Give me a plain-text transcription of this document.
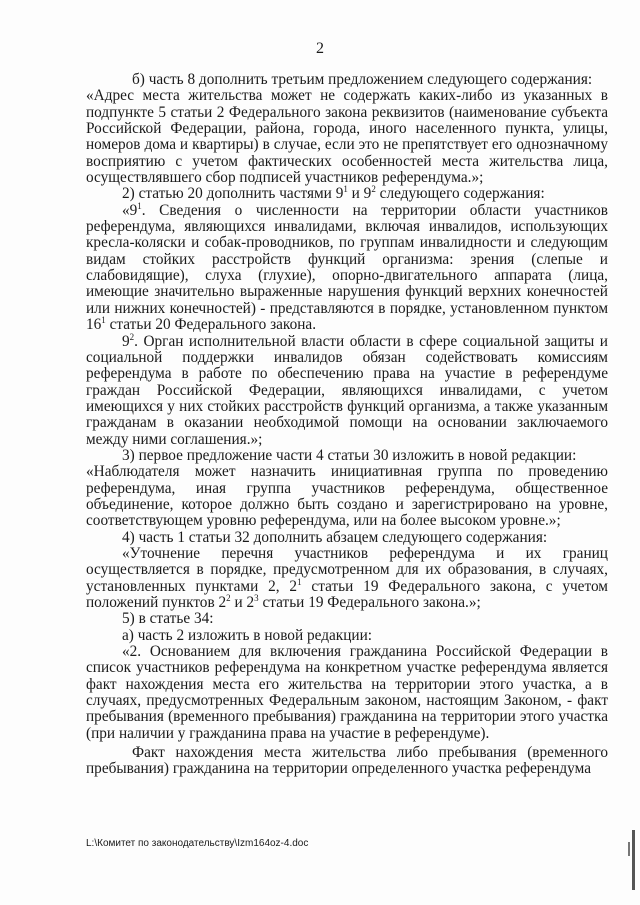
2

б) часть 8 дополнить третьим предложением следующего содержания:

«Адрес места жительства может не содержать каких-либо из указанных в подпункте 5 статьи 2 Федерального закона реквизитов (наименование субъекта Российской Федерации, района, города, иного населенного пункта, улицы, номеров дома и квартиры) в случае, если это не препятствует его однозначному восприятию с учетом фактических особенностей места жительства лица, осуществлявшего сбор подписей участников референдума.»;

2) статью 20 дополнить частями $9^1$ и $9^2$ следующего содержания:

«$9^1$. Сведения о численности на территории области участников референдума, являющихся инвалидами, включая инвалидов, использующих кресла-коляски и собак-проводников, по группам инвалидности и следующим видам стойких расстройств функций организма: зрения (слепые и слабовидящие), слуха (глухие), опорно-двигательного аппарата (лица, имеющие значительно выраженные нарушения функций верхних конечностей или нижних конечностей) - представляются в порядке, установленном пунктом $16^1$ статьи 20 Федерального закона.

$9^2$. Орган исполнительной власти области в сфере социальной защиты и социальной поддержки инвалидов обязан содействовать комиссиям референдума в работе по обеспечению права на участие в референдуме граждан Российской Федерации, являющихся инвалидами, с учетом имеющихся у них стойких расстройств функций организма, а также указанным гражданам в оказании необходимой помощи на основании заключаемого между ними соглашения.»;

3) первое предложение части 4 статьи 30 изложить в новой редакции:

«Наблюдателя может назначить инициативная группа по проведению референдума, иная группа участников референдума, общественное объединение, которое должно быть создано и зарегистрировано на уровне, соответствующем уровню референдума, или на более высоком уровне.»;

4) часть 1 статьи 32 дополнить абзацем следующего содержания:

«Уточнение перечня участников референдума и их границ осуществляется в порядке, предусмотренном для их образования, в случаях, установленных пунктами 2, $2^1$ статьи 19 Федерального закона, с учетом положений пунктов $2^2$ и $2^3$ статьи 19 Федерального закона.»;

5) в статье 34:

а) часть 2 изложить в новой редакции:

«2. Основанием для включения гражданина Российской Федерации в список участников референдума на конкретном участке референдума является факт нахождения места его жительства на территории этого участка, а в случаях, предусмотренных Федеральным законом, настоящим Законом, - факт пребывания (временного пребывания) гражданина на территории этого участка (при наличии у гражданина права на участие в референдуме).

Факт нахождения места жительства либо пребывания (временного пребывания) гражданина на территории определенного участка референдума

L:\Комитет по законодательству\Izm164oz-4.doc
